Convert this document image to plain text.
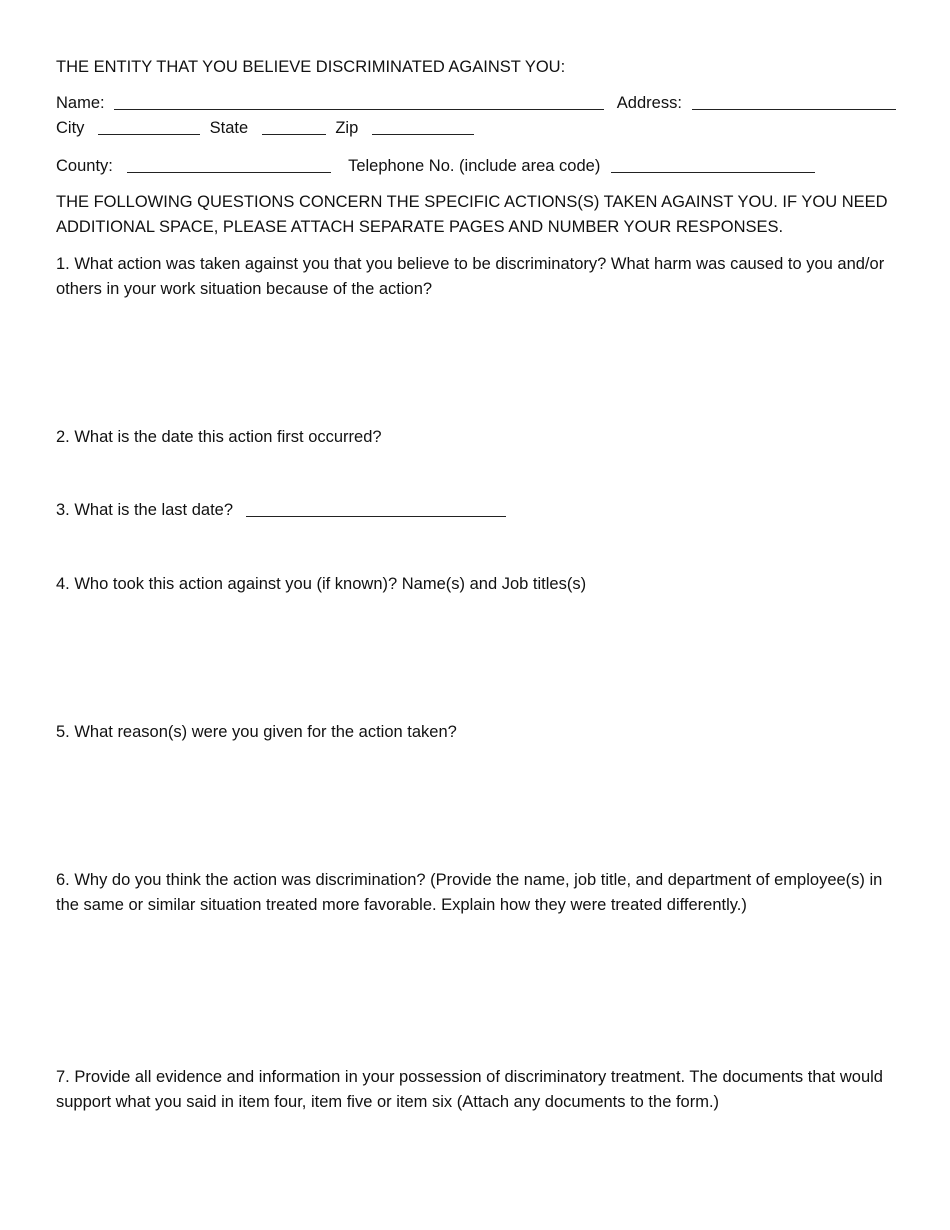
THE ENTITY THAT YOU BELIEVE DISCRIMINATED AGAINST YOU:
Name:	Address:
City	State	Zip
County:	Telephone No. (include area code)
THE FOLLOWING QUESTIONS CONCERN THE SPECIFIC ACTIONS(S) TAKEN AGAINST YOU. IF YOU NEED ADDITIONAL SPACE, PLEASE ATTACH SEPARATE PAGES AND NUMBER YOUR RESPONSES.
1. What action was taken against you that you believe to be discriminatory? What harm was caused to you and/or others in your work situation because of the action?
2. What is the date this action first occurred?
3. What is the last date?
4. Who took this action against you (if known)? Name(s) and Job titles(s)
5. What reason(s) were you given for the action taken?
6. Why do you think the action was discrimination? (Provide the name, job title, and department of employee(s) in the same or similar situation treated more favorable. Explain how they were treated differently.)
7. Provide all evidence and information in your possession of discriminatory treatment. The documents that would support what you said in item four, item five or item six (Attach any documents to the form.)
